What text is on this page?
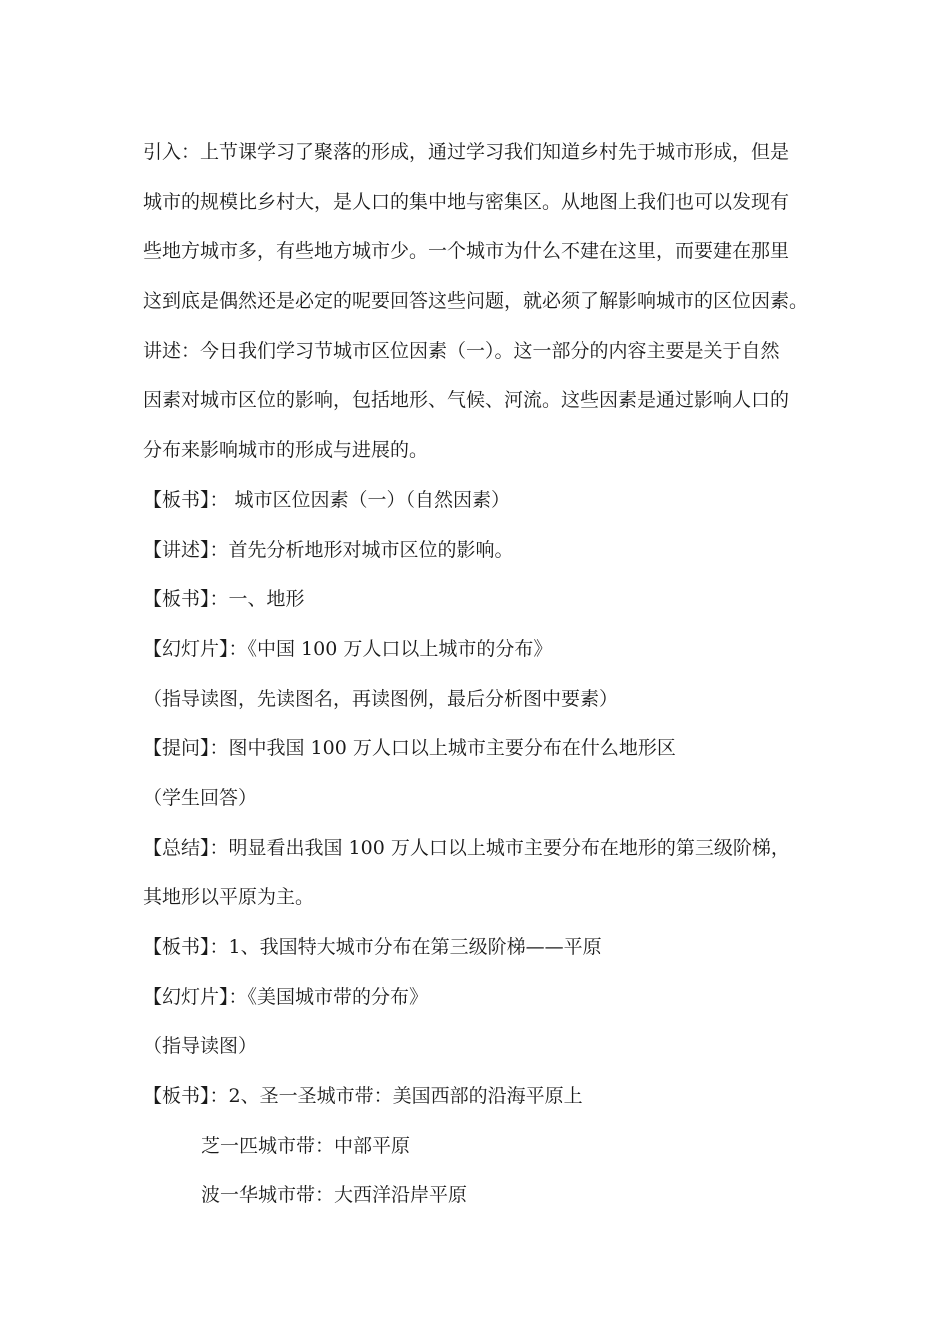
引入：上节课学习了聚落的形成，通过学习我们知道乡村先于城市形成，但是
城市的规模比乡村大，是人口的集中地与密集区。从地图上我们也可以发现有
些地方城市多，有些地方城市少。一个城市为什么不建在这里，而要建在那里
这到底是偶然还是必定的呢要回答这些问题，就必须了解影响城市的区位因素。
讲述：今日我们学习节城市区位因素（一）。这一部分的内容主要是关于自然
因素对城市区位的影响，包括地形、气候、河流。这些因素是通过影响人口的
分布来影响城市的形成与进展的。
【板书】： 城市区位因素（一）（自然因素）
【讲述】：首先分析地形对城市区位的影响。
【板书】：一、地形
【幻灯片】：《中国 100 万人口以上城市的分布》
（指导读图，先读图名，再读图例，最后分析图中要素）
【提问】：图中我国 100 万人口以上城市主要分布在什么地形区
（学生回答）
【总结】：明显看出我国 100 万人口以上城市主要分布在地形的第三级阶梯，
其地形以平原为主。
【板书】：1、我国特大城市分布在第三级阶梯——平原
【幻灯片】：《美国城市带的分布》
（指导读图）
【板书】：2、圣一圣城市带：美国西部的沿海平原上
芝一匹城市带：中部平原
波一华城市带：大西洋沿岸平原
